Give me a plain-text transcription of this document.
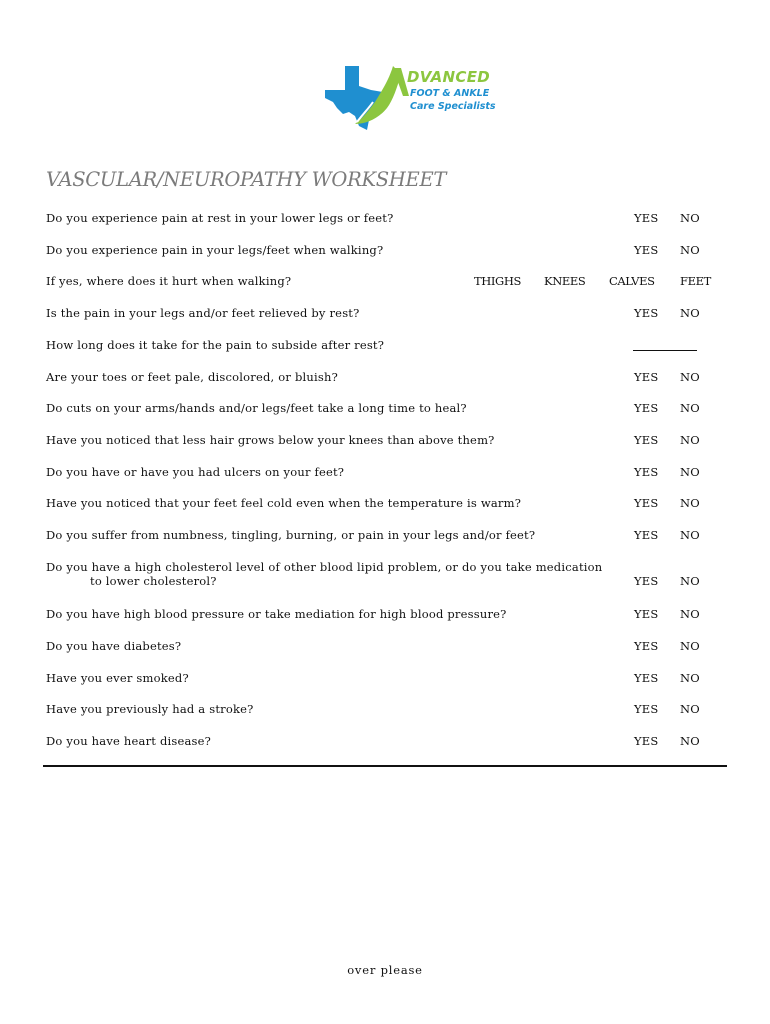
DVANCED
FOOT & ANKLE
Care Specialists
VASCULAR/NEUROPATHY WORKSHEET
Do you experience pain at rest in your lower legs or feet?	YES NO
Do you experience pain in your legs/feet when walking?	YES NO
If yes, where does it hurt when walking?	THIGHS KNEES CALVES FEET
Is the pain in your legs and/or feet relieved by rest?	YES NO
How long does it take for the pain to subside after rest?
Are your toes or feet pale, discolored, or bluish?	YES NO
Do cuts on your arms/hands and/or legs/feet take a long time to heal?	YES NO
Have you noticed that less hair grows below your knees than above them?	YES NO
Do you have or have you had ulcers on your feet?	YES NO
Have you noticed that your feet feel cold even when the temperature is warm?	YES NO
Do you suffer from numbness, tingling, burning, or pain in your legs and/or feet?	YES NO
Do you have a high cholesterol level of other blood lipid problem, or do you take medication
to lower cholesterol?	YES NO
Do you have high blood pressure or take mediation for high blood pressure?	YES NO
Do you have diabetes?	YES NO
Have you ever smoked?	YES NO
Have you previously had a stroke?	YES NO
Do you have heart disease?	YES NO
over please
